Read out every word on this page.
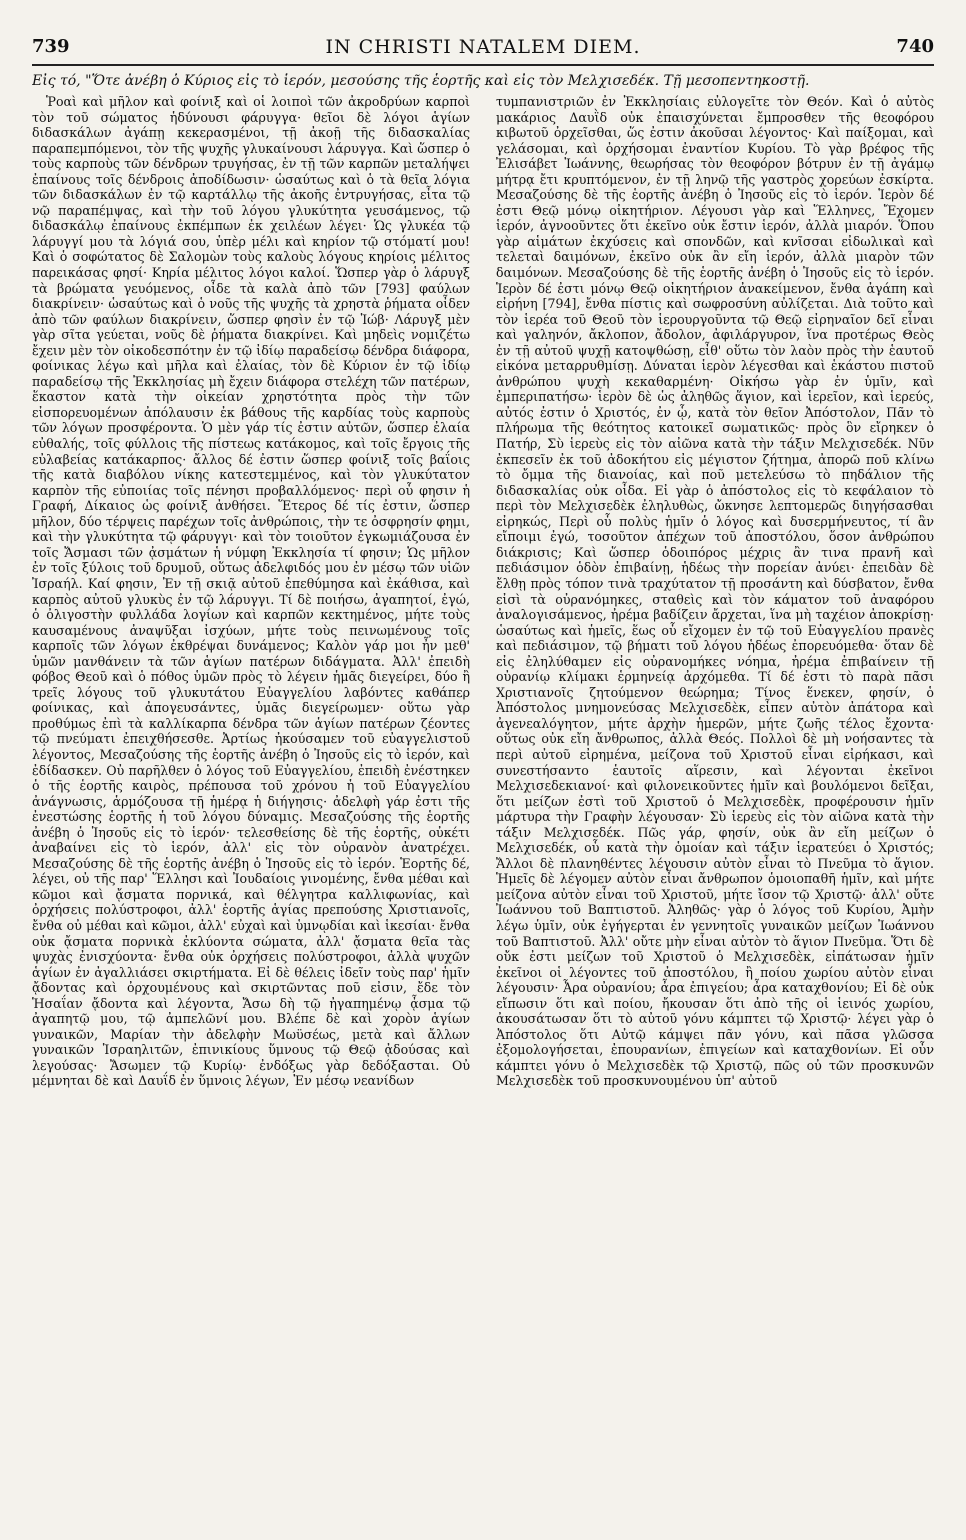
739	IN CHRISTI NATALEM DIEM.	740
Εἰς τό, "Ὅτε ἀνέβη ὁ Κύριος εἰς τὸ ἱερόν, μεσούσης τῆς ἑορτῆς καὶ εἰς τὸν Μελχισεδέκ. Τῇ μεσοπεντηκοστῇ.

Ῥοαὶ καὶ μῆλον καὶ φοίνιξ καὶ οἱ λοιποὶ τῶν ἀκροδρύων καρποὶ τὸν τοῦ σώματος ἡδύνουσι φάρυγγα· θεῖοι δὲ λόγοι ἁγίων διδασκάλων ἀγάπῃ κεκερασμένοι, τῇ ἀκοῇ τῆς διδασκαλίας παραπεμπόμενοι, τὸν τῆς ψυχῆς γλυκαίνουσι λάρυγγα. Καὶ ὥσπερ ὁ τοὺς καρποὺς τῶν δένδρων τρυγήσας, ἐν τῇ τῶν καρπῶν μεταλήψει ἐπαίνους τοῖς δένδροις ἀποδίδωσιν· ὡσαύτως καὶ ὁ τὰ θεῖα λόγια τῶν διδασκάλων ἐν τῷ καρτάλλῳ τῆς ἀκοῆς ἐντρυγήσας, εἶτα τῷ νῷ παραπέμψας, καὶ τὴν τοῦ λόγου γλυκύτητα γευσάμενος, τῷ διδασκάλῳ ἐπαίνους ἐκπέμπων ἐκ χειλέων λέγει· Ὡς γλυκέα τῷ λάρυγγί μου τὰ λόγιά σου, ὑπὲρ μέλι καὶ κηρίον τῷ στόματί μου! Καὶ ὁ σοφώτατος δὲ Σαλομὼν τοὺς καλοὺς λόγους κηρίοις μέλιτος παρεικάσας φησί· Κηρία μέλιτος λόγοι καλοί. Ὥσπερ γὰρ ὁ λάρυγξ τὰ βρώματα γευόμενος, οἶδε τὰ καλὰ ἀπὸ τῶν [793] φαύλων διακρίνειν· ὡσαύτως καὶ ὁ νοῦς τῆς ψυχῆς τὰ χρηστὰ ῥήματα οἶδεν ἀπὸ τῶν φαύλων διακρίνειν, ὥσπερ φησὶν ἐν τῷ Ἰώβ· Λάρυγξ μὲν γὰρ σῖτα γεύεται, νοῦς δὲ ῥήματα διακρίνει. Καὶ μηδεὶς νομιζέτω ἔχειν μὲν τὸν οἰκοδεσπότην ἐν τῷ ἰδίῳ παραδείσῳ δένδρα διάφορα, φοίνικας λέγω καὶ μῆλα καὶ ἐλαίας, τὸν δὲ Κύριον ἐν τῷ ἰδίῳ παραδείσῳ τῆς Ἐκκλησίας μὴ ἔχειν διάφορα στελέχη τῶν πατέρων, ἕκαστον κατὰ τὴν οἰκείαν χρηστότητα πρὸς τὴν τῶν εἰσπορευομένων ἀπόλαυσιν ἐκ βάθους τῆς καρδίας τοὺς καρποὺς τῶν λόγων προσφέροντα. Ὁ μὲν γάρ τίς ἐστιν αὐτῶν, ὥσπερ ἐλαία εὐθαλής, τοῖς φύλλοις τῆς πίστεως κατάκομος, καὶ τοῖς ἔργοις τῆς εὐλαβείας κατάκαρπος· ἄλλος δέ ἐστιν ὥσπερ φοίνιξ τοῖς βαΐοις τῆς κατὰ διαβόλου νίκης κατεστεμμένος, καὶ τὸν γλυκύτατον καρπὸν τῆς εὐποιίας τοῖς πένησι προβαλλόμενος· περὶ οὗ φησιν ἡ Γραφή, Δίκαιος ὡς φοίνιξ ἀνθήσει. Ἕτερος δέ τίς ἐστιν, ὥσπερ μῆλον, δύο τέρψεις παρέχων τοῖς ἀνθρώποις, τὴν τε ὀσφρησίν φημι, καὶ τὴν γλυκύτητα τῷ φάρυγγι· καὶ τὸν τοιοῦτον ἐγκωμιάζουσα ἐν τοῖς Ἄσμασι τῶν ᾀσμάτων ἡ νύμφη Ἐκκλησία τί φησιν; Ὡς μῆλον ἐν τοῖς ξύλοις τοῦ δρυμοῦ, οὕτως ἀδελφιδός μου ἐν μέσῳ τῶν υἱῶν Ἰσραήλ. Καί φησιν, Ἐν τῇ σκιᾷ αὐτοῦ ἐπεθύμησα καὶ ἐκάθισα, καὶ καρπὸς αὐτοῦ γλυκὺς ἐν τῷ λάρυγγι. Τί δὲ ποιήσω, ἀγαπητοί, ἐγώ, ὁ ὀλιγοστὴν φυλλάδα λογίων καὶ καρπῶν κεκτημένος, μήτε τοὺς καυσαμένους ἀναψῦξαι ἰσχύων, μήτε τοὺς πεινωμένους τοῖς καρποῖς τῶν λόγων ἐκθρέψαι δυνάμενος; Καλὸν γάρ μοι ἦν μεθ' ὑμῶν μανθάνειν τὰ τῶν ἁγίων πατέρων διδάγματα. Ἀλλ' ἐπειδὴ φόβος Θεοῦ καὶ ὁ πόθος ὑμῶν πρὸς τὸ λέγειν ἡμᾶς διεγείρει, δύο ἢ τρεῖς λόγους τοῦ γλυκυτάτου Εὐαγγελίου λαβόντες καθάπερ φοίνικας, καὶ ἀπογευσάντες, ὑμᾶς διεγείρωμεν· οὕτω γὰρ προθύμως ἐπὶ τὰ καλλίκαρπα δένδρα τῶν ἁγίων πατέρων ζέοντες τῷ πνεύματι ἐπειχθήσεσθε. Ἀρτίως ἠκούσαμεν τοῦ εὐαγγελιστοῦ λέγοντος, Μεσαζούσης τῆς ἑορτῆς ἀνέβη ὁ Ἰησοῦς εἰς τὸ ἱερόν, καὶ ἐδίδασκεν. Οὐ παρῆλθεν ὁ λόγος τοῦ Εὐαγγελίου, ἐπειδὴ ἐνέστηκεν ὁ τῆς ἑορτῆς καιρὸς, πρέπουσα τοῦ χρόνου ἡ τοῦ Εὐαγγελίου ἀνάγνωσις, ἁρμόζουσα τῇ ἡμέρᾳ ἡ διήγησις· ἀδελφὴ γάρ ἐστι τῆς ἐνεστώσης ἑορτῆς ἡ τοῦ λόγου δύναμις. Μεσαζούσης τῆς ἑορτῆς ἀνέβη ὁ Ἰησοῦς εἰς τὸ ἱερόν· τελεσθείσης δὲ τῆς ἑορτῆς, οὐκέτι ἀναβαίνει εἰς τὸ ἱερόν, ἀλλ' εἰς τὸν οὐρανὸν ἀνατρέχει. Μεσαζούσης δὲ τῆς ἑορτῆς ἀνέβη ὁ Ἰησοῦς εἰς τὸ ἱερόν. Ἑορτῆς δέ, λέγει, οὐ τῆς παρ' Ἕλλησι καὶ Ἰουδαίοις γινομένης, ἔνθα μέθαι καὶ κῶμοι καὶ ᾄσματα πορνικά, καὶ θέλγητρα καλλιφωνίας, καὶ ὀρχήσεις πολύστροφοι, ἀλλ' ἑορτῆς ἁγίας πρεπούσης Χριστιανοῖς, ἔνθα οὐ μέθαι καὶ κῶμοι, ἀλλ' εὐχαὶ καὶ ὑμνῳδίαι καὶ ἱκεσίαι· ἔνθα οὐκ ᾄσματα πορνικὰ ἐκλύοντα σώματα, ἀλλ' ᾄσματα θεῖα τὰς ψυχὰς ἐνισχύοντα· ἔνθα οὐκ ὀρχήσεις πολύστροφοι, ἀλλὰ ψυχῶν ἁγίων ἐν ἀγαλλιάσει σκιρτήματα. Εἰ δὲ θέλεις ἰδεῖν τοὺς παρ' ἡμῖν ᾄδοντας καὶ ὀρχουμένους καὶ σκιρτῶντας ποῦ εἰσιν, ἔδε τὸν Ἡσαΐαν ᾄδοντα καὶ λέγοντα, Ἄσω δὴ τῷ ἠγαπημένῳ ᾆσμα τῷ ἀγαπητῷ μου, τῷ ἀμπελῶνί μου. Βλέπε δὲ καὶ χορὸν ἁγίων γυναικῶν, Μαρίαν τὴν ἀδελφὴν Μωϋσέως, μετὰ καὶ ἄλλων γυναικῶν Ἰσραηλιτῶν, ἐπινικίους ὕμνους τῷ Θεῷ ᾀδούσας καὶ λεγούσας· Ἄσωμεν τῷ Κυρίῳ· ἐνδόξως γὰρ δεδόξασται. Οὐ μέμνηται δὲ καὶ Δαυΐδ ἐν ὕμνοις λέγων, Ἐν μέσῳ νεανίδων

τυμπανιστριῶν ἐν Ἐκκλησίαις εὐλογεῖτε τὸν Θεόν. Καὶ ὁ αὐτὸς μακάριος Δαυῒδ οὐκ ἐπαισχύνεται ἔμπροσθεν τῆς θεοφόρου κιβωτοῦ ὀρχεῖσθαι, ὥς ἐστιν ἀκοῦσαι λέγοντος· Καὶ παίξομαι, καὶ γελάσομαι, καὶ ὀρχήσομαι ἐναντίον Κυρίου. Τὸ γὰρ βρέφος τῆς Ἐλισάβετ Ἰωάννης, θεωρήσας τὸν θεοφόρον βότρυν ἐν τῇ ἀγάμῳ μήτρᾳ ἔτι κρυπτόμενον, ἐν τῇ ληνῷ τῆς γαστρὸς χορεύων ἐσκίρτα. Μεσαζούσης δὲ τῆς ἑορτῆς ἀνέβη ὁ Ἰησοῦς εἰς τὸ ἱερόν. Ἱερὸν δέ ἐστι Θεῷ μόνῳ οἰκητήριον. Λέγουσι γὰρ καὶ Ἕλληνες, Ἔχομεν ἱερόν, ἀγνοοῦντες ὅτι ἐκεῖνο οὐκ ἔστιν ἱερόν, ἀλλὰ μιαρόν. Ὅπου γὰρ αἱμάτων ἐκχύσεις καὶ σπονδῶν, καὶ κνῖσσαι εἰδωλικαὶ καὶ τελεταὶ δαιμόνων, ἐκεῖνο οὐκ ἂν εἴη ἱερόν, ἀλλὰ μιαρὸν τῶν δαιμόνων. Μεσαζούσης δὲ τῆς ἑορτῆς ἀνέβη ὁ Ἰησοῦς εἰς τὸ ἱερόν. Ἱερὸν δέ ἐστι μόνῳ Θεῷ οἰκητήριον ἀνακείμενον, ἔνθα ἀγάπη καὶ εἰρήνη [794], ἔνθα πίστις καὶ σωφροσύνη αὐλίζεται. Διὰ τοῦτο καὶ τὸν ἱερέα τοῦ Θεοῦ τὸν ἱερουργοῦντα τῷ Θεῷ εἰρηναῖον δεῖ εἶναι καὶ γαληνόν, ἄκλοπον, ἄδολον, ἀφιλάργυρον, ἵνα προτέρως Θεὸς ἐν τῇ αὐτοῦ ψυχῇ κατοψθώσῃ, εἶθ' οὕτω τὸν λαὸν πρὸς τὴν ἑαυτοῦ εἰκόνα μεταρρυθμίσῃ. Δύναται ἱερὸν λέγεσθαι καὶ ἑκάστου πιστοῦ ἀνθρώπου ψυχὴ κεκαθαρμένη· Οἰκήσω γὰρ ἐν ὑμῖν, καὶ ἐμπεριπατήσω· ἱερὸν δὲ ὡς ἀληθῶς ἅγιον, καὶ ἱερεῖον, καὶ ἱερεύς, αὐτός ἐστιν ὁ Χριστός, ἐν ᾧ, κατὰ τὸν θεῖον Ἀπόστολον, Πᾶν τὸ πλήρωμα τῆς θεότητος κατοικεῖ σωματικῶς· πρὸς ὃν εἴρηκεν ὁ Πατήρ, Σὺ ἱερεὺς εἰς τὸν αἰῶνα κατὰ τὴν τάξιν Μελχισεδέκ. Νῦν ἐκπεσεῖν ἐκ τοῦ ἀδοκήτου εἰς μέγιστον ζήτημα, ἀπορῶ ποῦ κλίνω τὸ ὄμμα τῆς διανοίας, καὶ ποῦ μετελεύσω τὸ πηδάλιον τῆς διδασκαλίας οὐκ οἶδα. Εἰ γὰρ ὁ ἀπόστολος εἰς τὸ κεφάλαιον τὸ περὶ τὸν Μελχισεδὲκ ἐληλυθὼς, ὤκνησε λεπτομερῶς διηγήσασθαι εἰρηκώς, Περὶ οὗ πολὺς ἡμῖν ὁ λόγος καὶ δυσερμήνευτος, τί ἂν εἴποιμι ἐγώ, τοσοῦτον ἀπέχων τοῦ ἀποστόλου, ὅσον ἀνθρώπου διάκρισις; Καὶ ὥσπερ ὁδοιπόρος μέχρις ἂν τινα πρανῆ καὶ πεδιάσιμον ὁδὸν ἐπιβαίνῃ, ἡδέως τὴν πορείαν ἀνύει· ἐπειδὰν δὲ ἔλθῃ πρὸς τόπον τινὰ τραχύτατον τῇ προσάντη καὶ δύσβατον, ἔνθα εἰσὶ τὰ οὐρανόμηκες, σταθεὶς καὶ τὸν κάματον τοῦ ἀναφόρου ἀναλογισάμενος, ἠρέμα βαδίζειν ἄρχεται, ἵνα μὴ ταχέιον ἀποκρίσῃ· ὡσαύτως καὶ ἡμεῖς, ἕως οὗ εἴχομεν ἐν τῷ τοῦ Εὐαγγελίου πρανὲς καὶ πεδιάσιμον, τῷ βήματι τοῦ λόγου ἡδέως ἐπορευόμεθα· ὅταν δὲ εἰς ἐληλύθαμεν εἰς οὐρανομήκες νόημα, ἠρέμα ἐπιβαίνειν τῇ οὐρανίῳ κλίμακι ἑρμηνείᾳ ἀρχόμεθα. Τί δέ ἐστι τὸ παρὰ πᾶσι Χριστιανοῖς ζητούμενον θεώρημα; Τίνος ἕνεκεν, φησίν, ὁ Ἀπόστολος μνημονεύσας Μελχισεδὲκ, εἶπεν αὐτὸν ἀπάτορα καὶ ἀγενεαλόγητον, μήτε ἀρχὴν ἡμερῶν, μήτε ζωῆς τέλος ἔχοντα· οὕτως οὐκ εἴη ἄνθρωπος, ἀλλὰ Θεός. Πολλοὶ δὲ μὴ νοήσαντες τὰ περὶ αὐτοῦ εἰρημένα, μείζονα τοῦ Χριστοῦ εἶναι εἰρήκασι, καὶ συνεστήσαντο ἑαυτοῖς αἵρεσιν, καὶ λέγονται ἐκεῖνοι Μελχισεδεκιανοί· καὶ φιλονεικοῦντες ἡμῖν καὶ βουλόμενοι δεῖξαι, ὅτι μείζων ἐστὶ τοῦ Χριστοῦ ὁ Μελχισεδὲκ, προφέρουσιν ἡμῖν μάρτυρα τὴν Γραφὴν λέγουσαν· Σὺ ἱερεὺς εἰς τὸν αἰῶνα κατὰ τὴν τάξιν Μελχισεδέκ. Πῶς γάρ, φησίν, οὐκ ἂν εἴη μείζων ὁ Μελχισεδέκ, οὗ κατὰ τὴν ὁμοίαν καὶ τάξιν ἱερατεύει ὁ Χριστός; Ἄλλοι δὲ πλανηθέντες λέγουσιν αὐτὸν εἶναι τὸ Πνεῦμα τὸ ἅγιον. Ἡμεῖς δὲ λέγομεν αὐτὸν εἶναι ἄνθρωπον ὁμοιοπαθῆ ἡμῖν, καὶ μήτε μείζονα αὐτὸν εἶναι τοῦ Χριστοῦ, μήτε ἴσον τῷ Χριστῷ· ἀλλ' οὔτε Ἰωάννου τοῦ Βαπτιστοῦ. Ἀληθῶς· γὰρ ὁ λόγος τοῦ Κυρίου, Ἀμὴν λέγω ὑμῖν, οὐκ ἐγήγερται ἐν γεννητοῖς γυναικῶν μείζων Ἰωάννου τοῦ Βαπτιστοῦ. Ἀλλ' οὔτε μὴν εἶναι αὐτὸν τὸ ἅγιον Πνεῦμα. Ὅτι δὲ οὔκ ἐστι μείζων τοῦ Χριστοῦ ὁ Μελχισεδὲκ, εἰπάτωσαν ἡμῖν ἐκεῖνοι οἱ λέγοντες τοῦ ἀποστόλου, ἢ ποίου χωρίου αὐτὸν εἶναι λέγουσιν· Ἆρα οὐρανίου; ἆρα ἐπιγείου; ἆρα καταχθονίου; Εἰ δὲ οὐκ εἴπωσιν ὅτι καὶ ποίου, ἤκουσαν ὅτι ἀπὸ τῆς οἱ ἱεινός χωρίου, ἀκουσάτωσαν ὅτι τὸ αὐτοῦ γόνυ κάμπτει τῷ Χριστῷ· λέγει γὰρ ὁ Ἀπόστολος ὅτι Αὐτῷ κάμψει πᾶν γόνυ, καὶ πᾶσα γλῶσσα ἐξομολογήσεται, ἐπουρανίων, ἐπιγείων καὶ καταχθονίων. Εἰ οὖν κάμπτει γόνυ ὁ Μελχισεδὲκ τῷ Χριστῷ, πῶς οὐ τῶν προσκυνῶν Μελχισεδὲκ τοῦ προσκυνουμένου ὑπ' αὐτοῦ
